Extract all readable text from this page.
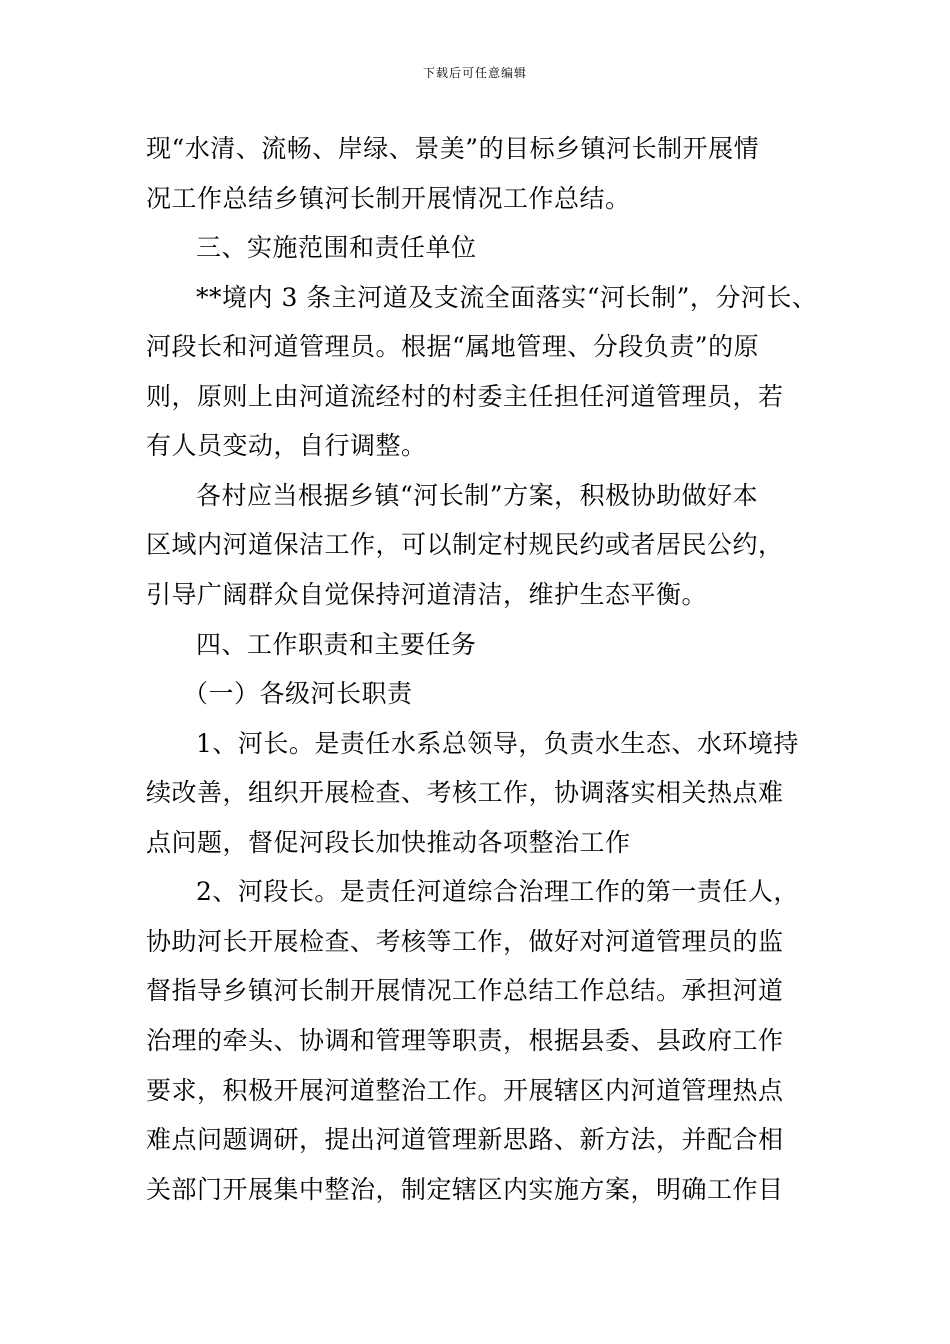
下载后可任意编辑
现“水清、流畅、岸绿、景美”的目标乡镇河长制开展情
况工作总结乡镇河长制开展情况工作总结。
三、实施范围和责任单位
**境内 3 条主河道及支流全面落实“河长制”，分河长、
河段长和河道管理员。根据“属地管理、分段负责”的原
则，原则上由河道流经村的村委主任担任河道管理员，若
有人员变动，自行调整。
各村应当根据乡镇“河长制”方案，积极协助做好本
区域内河道保洁工作，可以制定村规民约或者居民公约，
引导广阔群众自觉保持河道清洁，维护生态平衡。
四、工作职责和主要任务
（一）各级河长职责
1、河长。是责任水系总领导，负责水生态、水环境持
续改善，组织开展检查、考核工作，协调落实相关热点难
点问题，督促河段长加快推动各项整治工作
2、河段长。是责任河道综合治理工作的第一责任人，
协助河长开展检查、考核等工作，做好对河道管理员的监
督指导乡镇河长制开展情况工作总结工作总结。承担河道
治理的牵头、协调和管理等职责，根据县委、县政府工作
要求，积极开展河道整治工作。开展辖区内河道管理热点
难点问题调研，提出河道管理新思路、新方法，并配合相
关部门开展集中整治，制定辖区内实施方案，明确工作目
